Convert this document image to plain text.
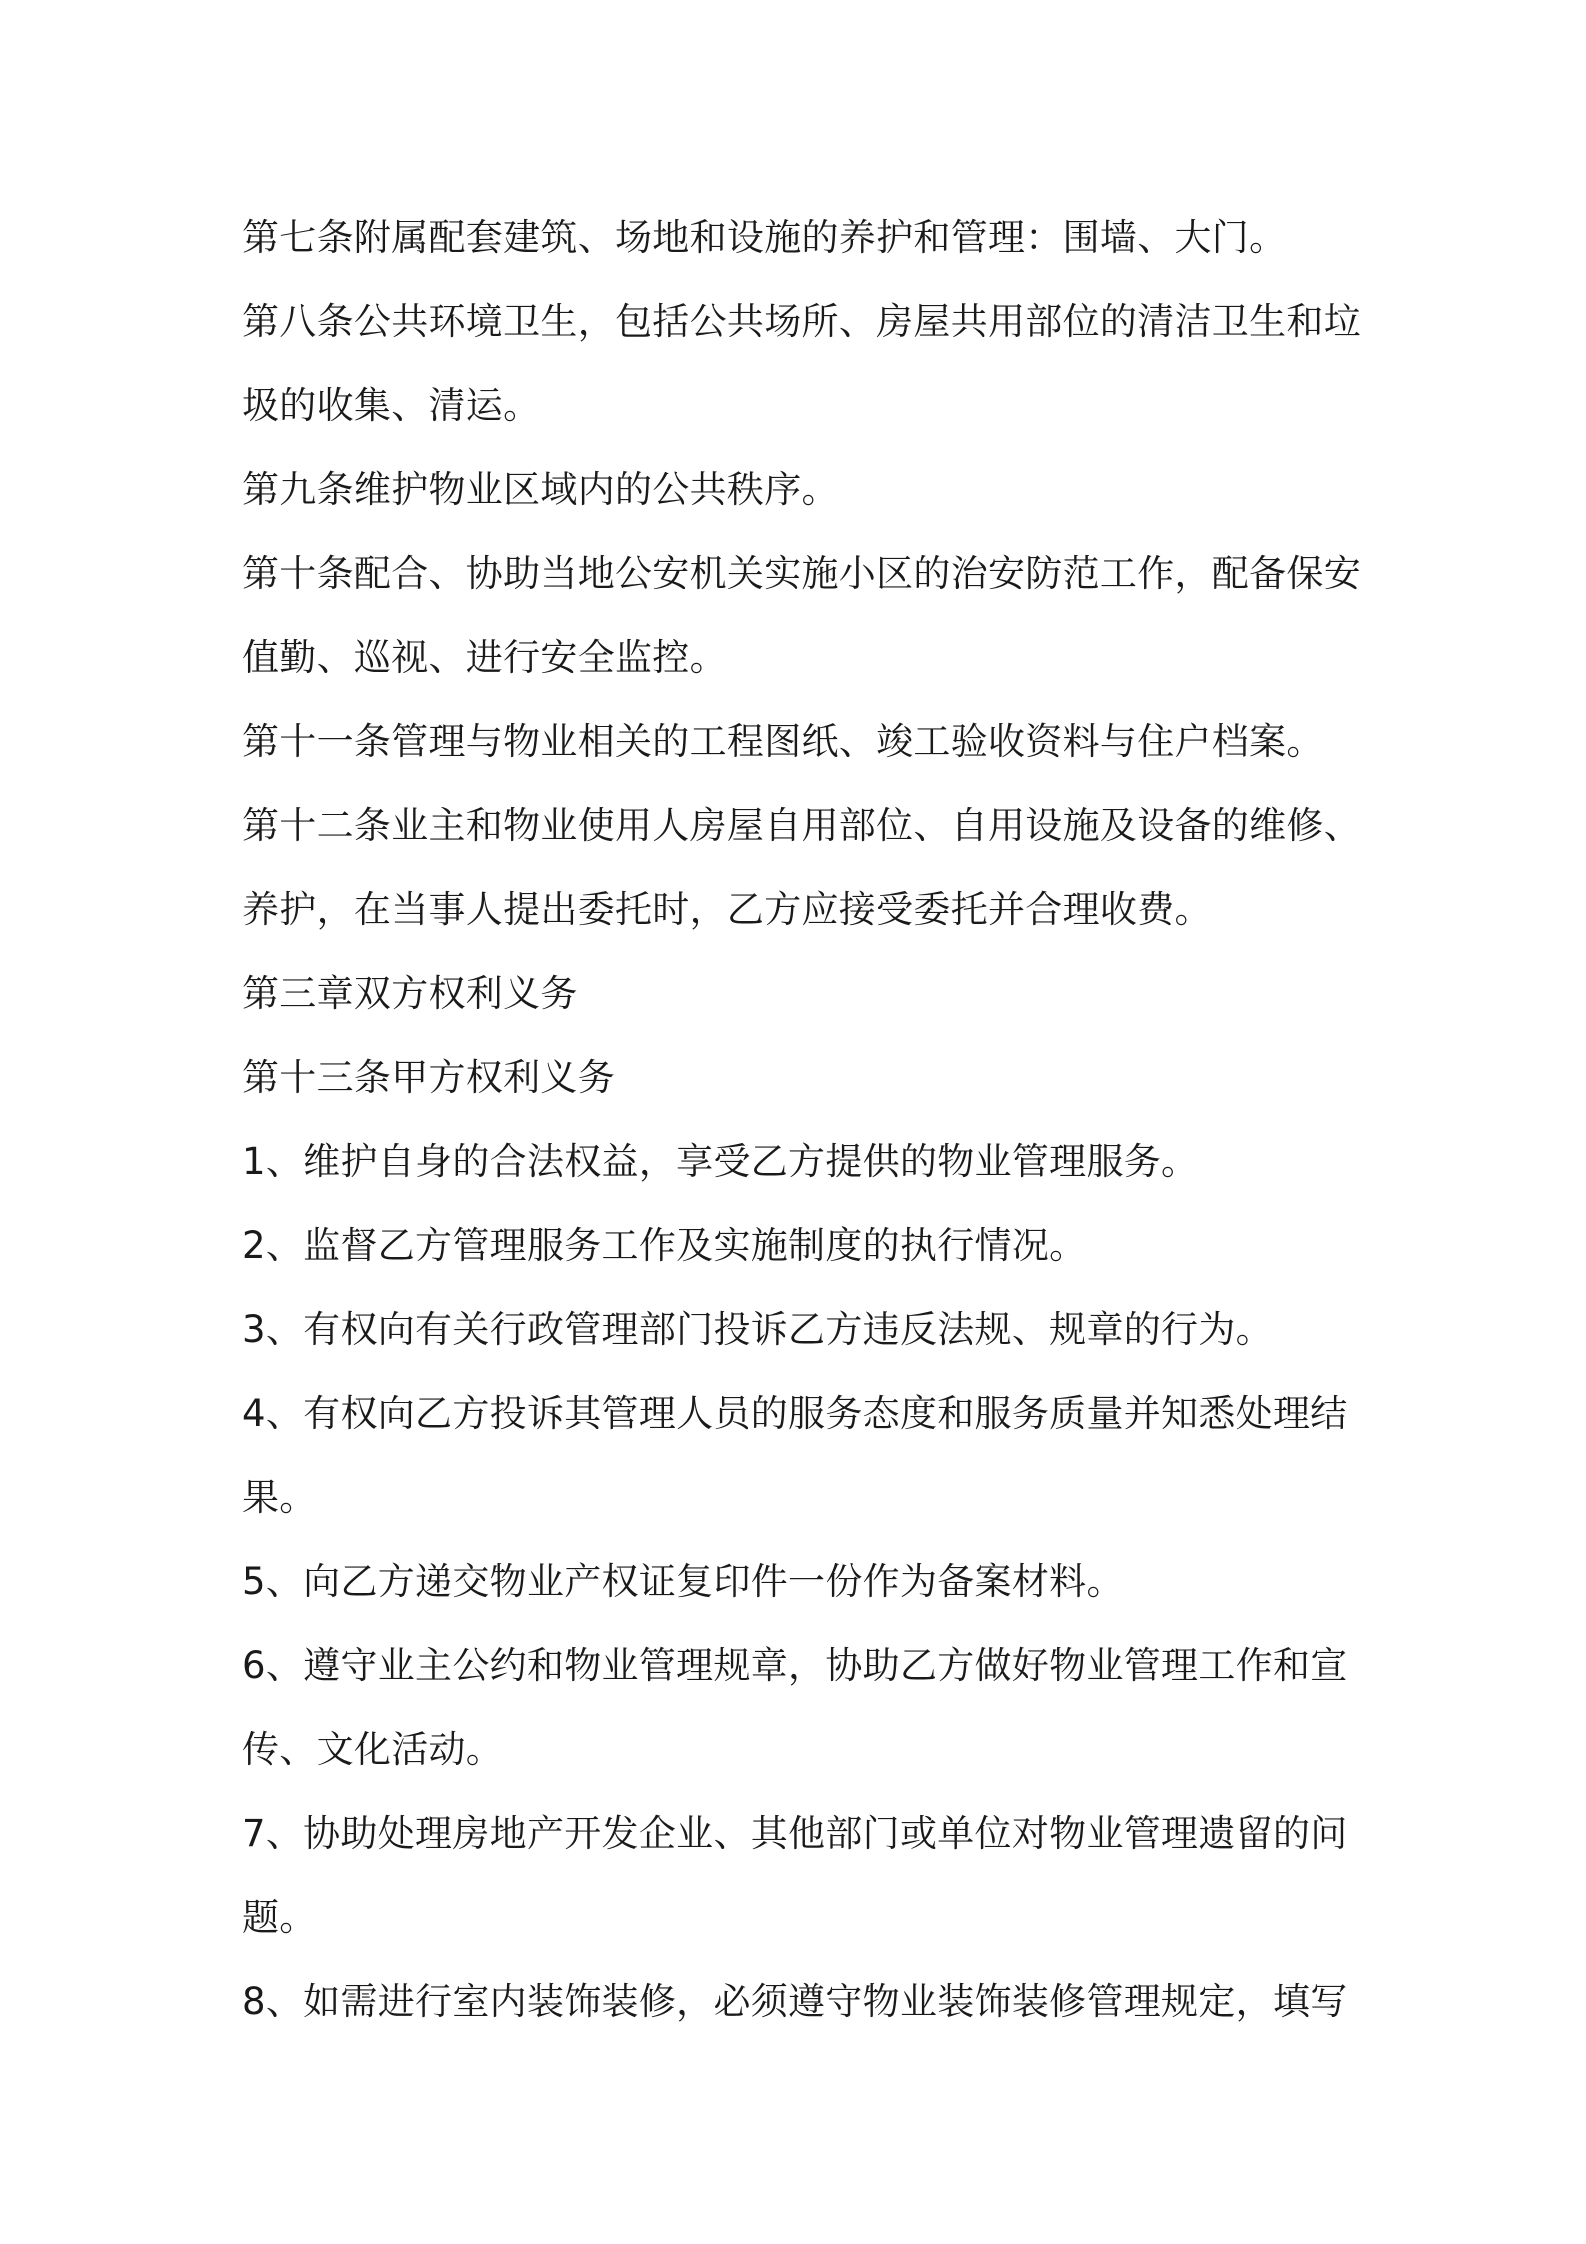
第七条附属配套建筑、场地和设施的养护和管理：围墙、大门。
第八条公共环境卫生，包括公共场所、房屋共用部位的清洁卫生和垃
圾的收集、清运。
第九条维护物业区域内的公共秩序。
第十条配合、协助当地公安机关实施小区的治安防范工作，配备保安
值勤、巡视、进行安全监控。
第十一条管理与物业相关的工程图纸、竣工验收资料与住户档案。
第十二条业主和物业使用人房屋自用部位、自用设施及设备的维修、
养护，在当事人提出委托时，乙方应接受委托并合理收费。
第三章双方权利义务
第十三条甲方权利义务
1、维护自身的合法权益，享受乙方提供的物业管理服务。
2、监督乙方管理服务工作及实施制度的执行情况。
3、有权向有关行政管理部门投诉乙方违反法规、规章的行为。
4、有权向乙方投诉其管理人员的服务态度和服务质量并知悉处理结
果。
5、向乙方递交物业产权证复印件一份作为备案材料。
6、遵守业主公约和物业管理规章，协助乙方做好物业管理工作和宣
传、文化活动。
7、协助处理房地产开发企业、其他部门或单位对物业管理遗留的问
题。
8、如需进行室内装饰装修，必须遵守物业装饰装修管理规定，填写
